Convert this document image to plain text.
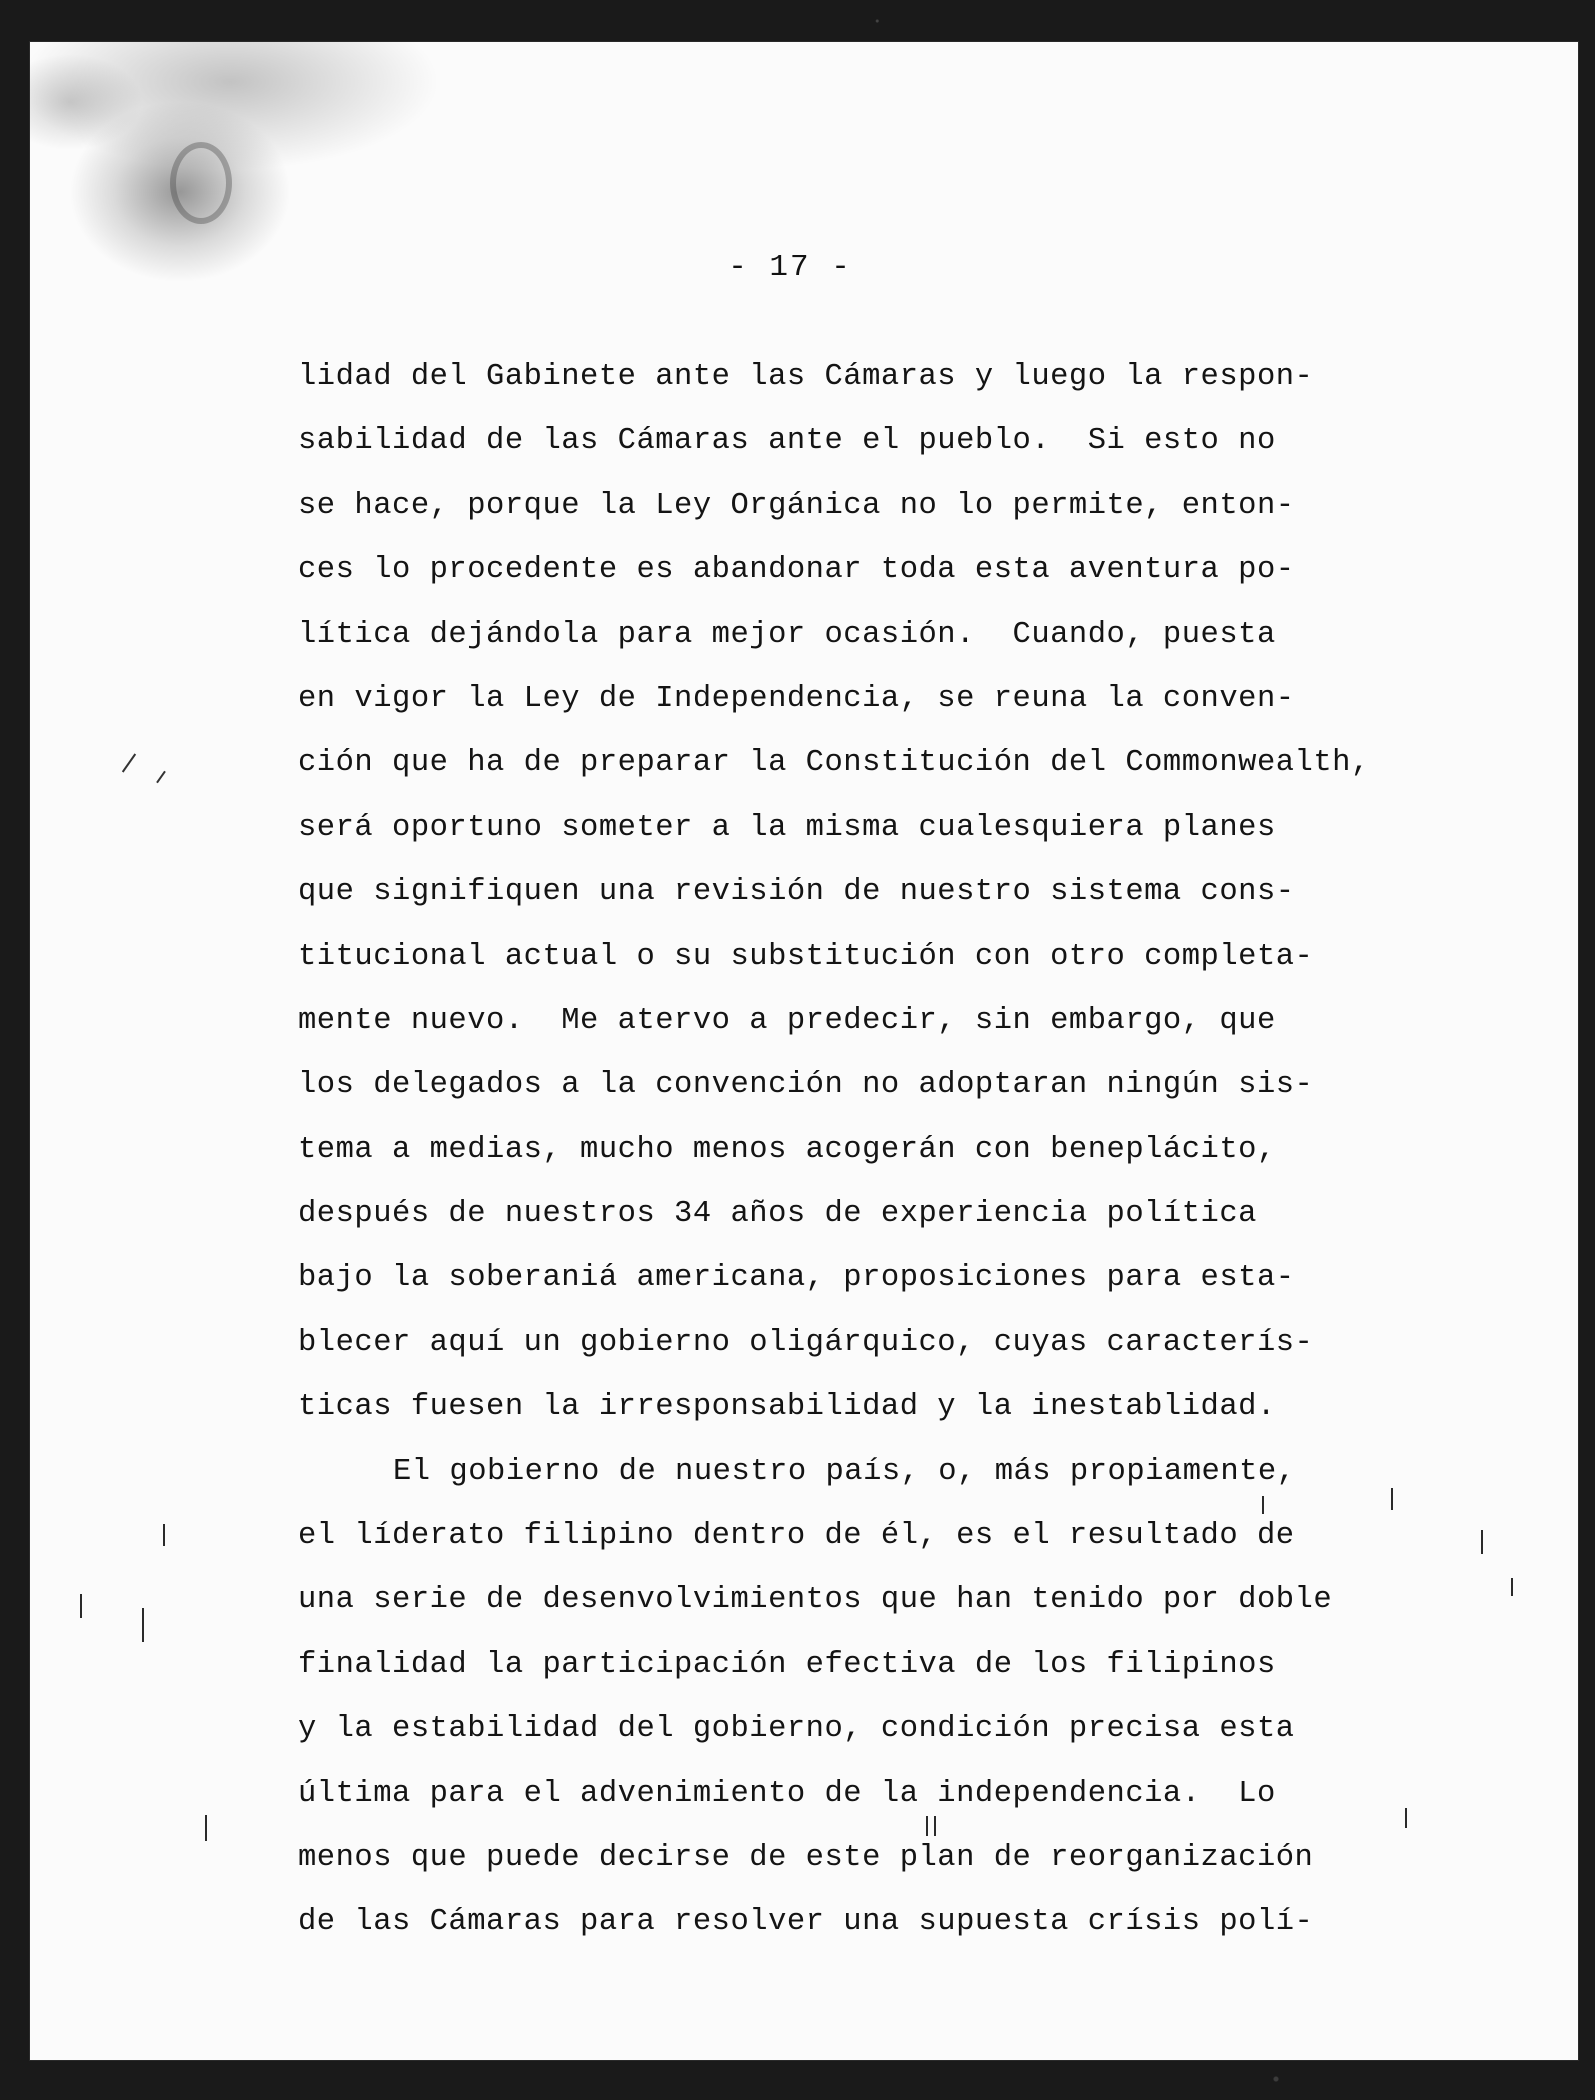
- 17 -
lidad del Gabinete ante las Cámaras y luego la respon-
sabilidad de las Cámaras ante el pueblo.  Si esto no
se hace, porque la Ley Orgánica no lo permite, enton-
ces lo procedente es abandonar toda esta aventura po-
lítica dejándola para mejor ocasión.  Cuando, puesta
en vigor la Ley de Independencia, se reuna la conven-
ción que ha de preparar la Constitución del Commonwealth,
será oportuno someter a la misma cualesquiera planes
que signifiquen una revisión de nuestro sistema cons-
titucional actual o su substitución con otro completa-
mente nuevo.  Me atervo a predecir, sin embargo, que
los delegados a la convención no adoptaran ningún sis-
tema a medias, mucho menos acogerán con beneplácito,
después de nuestros 34 años de experiencia política
bajo la soberaniá americana, proposiciones para esta-
blecer aquí un gobierno oligárquico, cuyas caracterís-
ticas fuesen la irresponsabilidad y la inestablidad.
El gobierno de nuestro país, o, más propiamente,
el líderato filipino dentro de él, es el resultado de
una serie de desenvolvimientos que han tenido por doble
finalidad la participación efectiva de los filipinos
y la estabilidad del gobierno, condición precisa esta
última para el advenimiento de la independencia.  Lo
menos que puede decirse de este plan de reorganización
de las Cámaras para resolver una supuesta crísis polí-
